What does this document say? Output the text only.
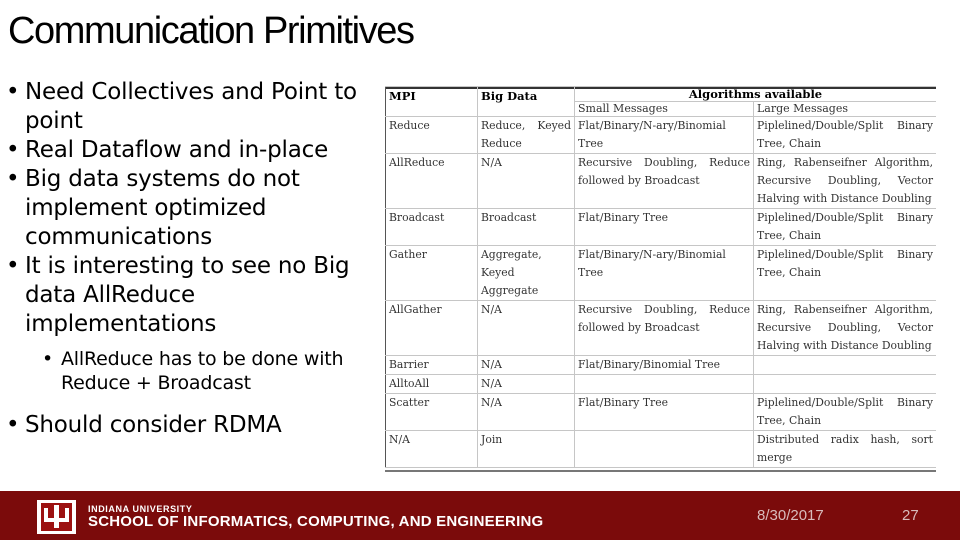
Communication Primitives
• Need Collectives and Point to point
• Real Dataflow and in-place
• Big data systems do not implement optimized communications
• It is interesting to see no Big data AllReduce implementations
• AllReduce has to be done with Reduce + Broadcast
• Should consider RDMA
MPI	Big Data	Algorithms available	
		Small Messages	Large Messages
Reduce	Reduce, Keyed Reduce	Flat/Binary/N-ary/Binomial Tree	Piplelined/Double/Split Binary Tree, Chain
AllReduce	N/A	Recursive Doubling, Reduce followed by Broadcast	Ring, Rabenseifner Algorithm, Recursive Doubling, Vector Halving with Distance Doubling
Broadcast	Broadcast	Flat/Binary Tree	Piplelined/Double/Split Binary Tree, Chain
Gather	Aggregate, Keyed Aggregate	Flat/Binary/N-ary/Binomial Tree	Piplelined/Double/Split Binary Tree, Chain
AllGather	N/A	Recursive Doubling, Reduce followed by Broadcast	Ring, Rabenseifner Algorithm, Recursive Doubling, Vector Halving with Distance Doubling
Barrier	N/A	Flat/Binary/Binomial Tree	
AlltoAll	N/A		
Scatter	N/A	Flat/Binary Tree	Piplelined/Double/Split Binary Tree, Chain
N/A	Join		Distributed radix hash, sort merge
INDIANA UNIVERSITY
SCHOOL OF INFORMATICS, COMPUTING, AND ENGINEERING	8/30/2017	27
